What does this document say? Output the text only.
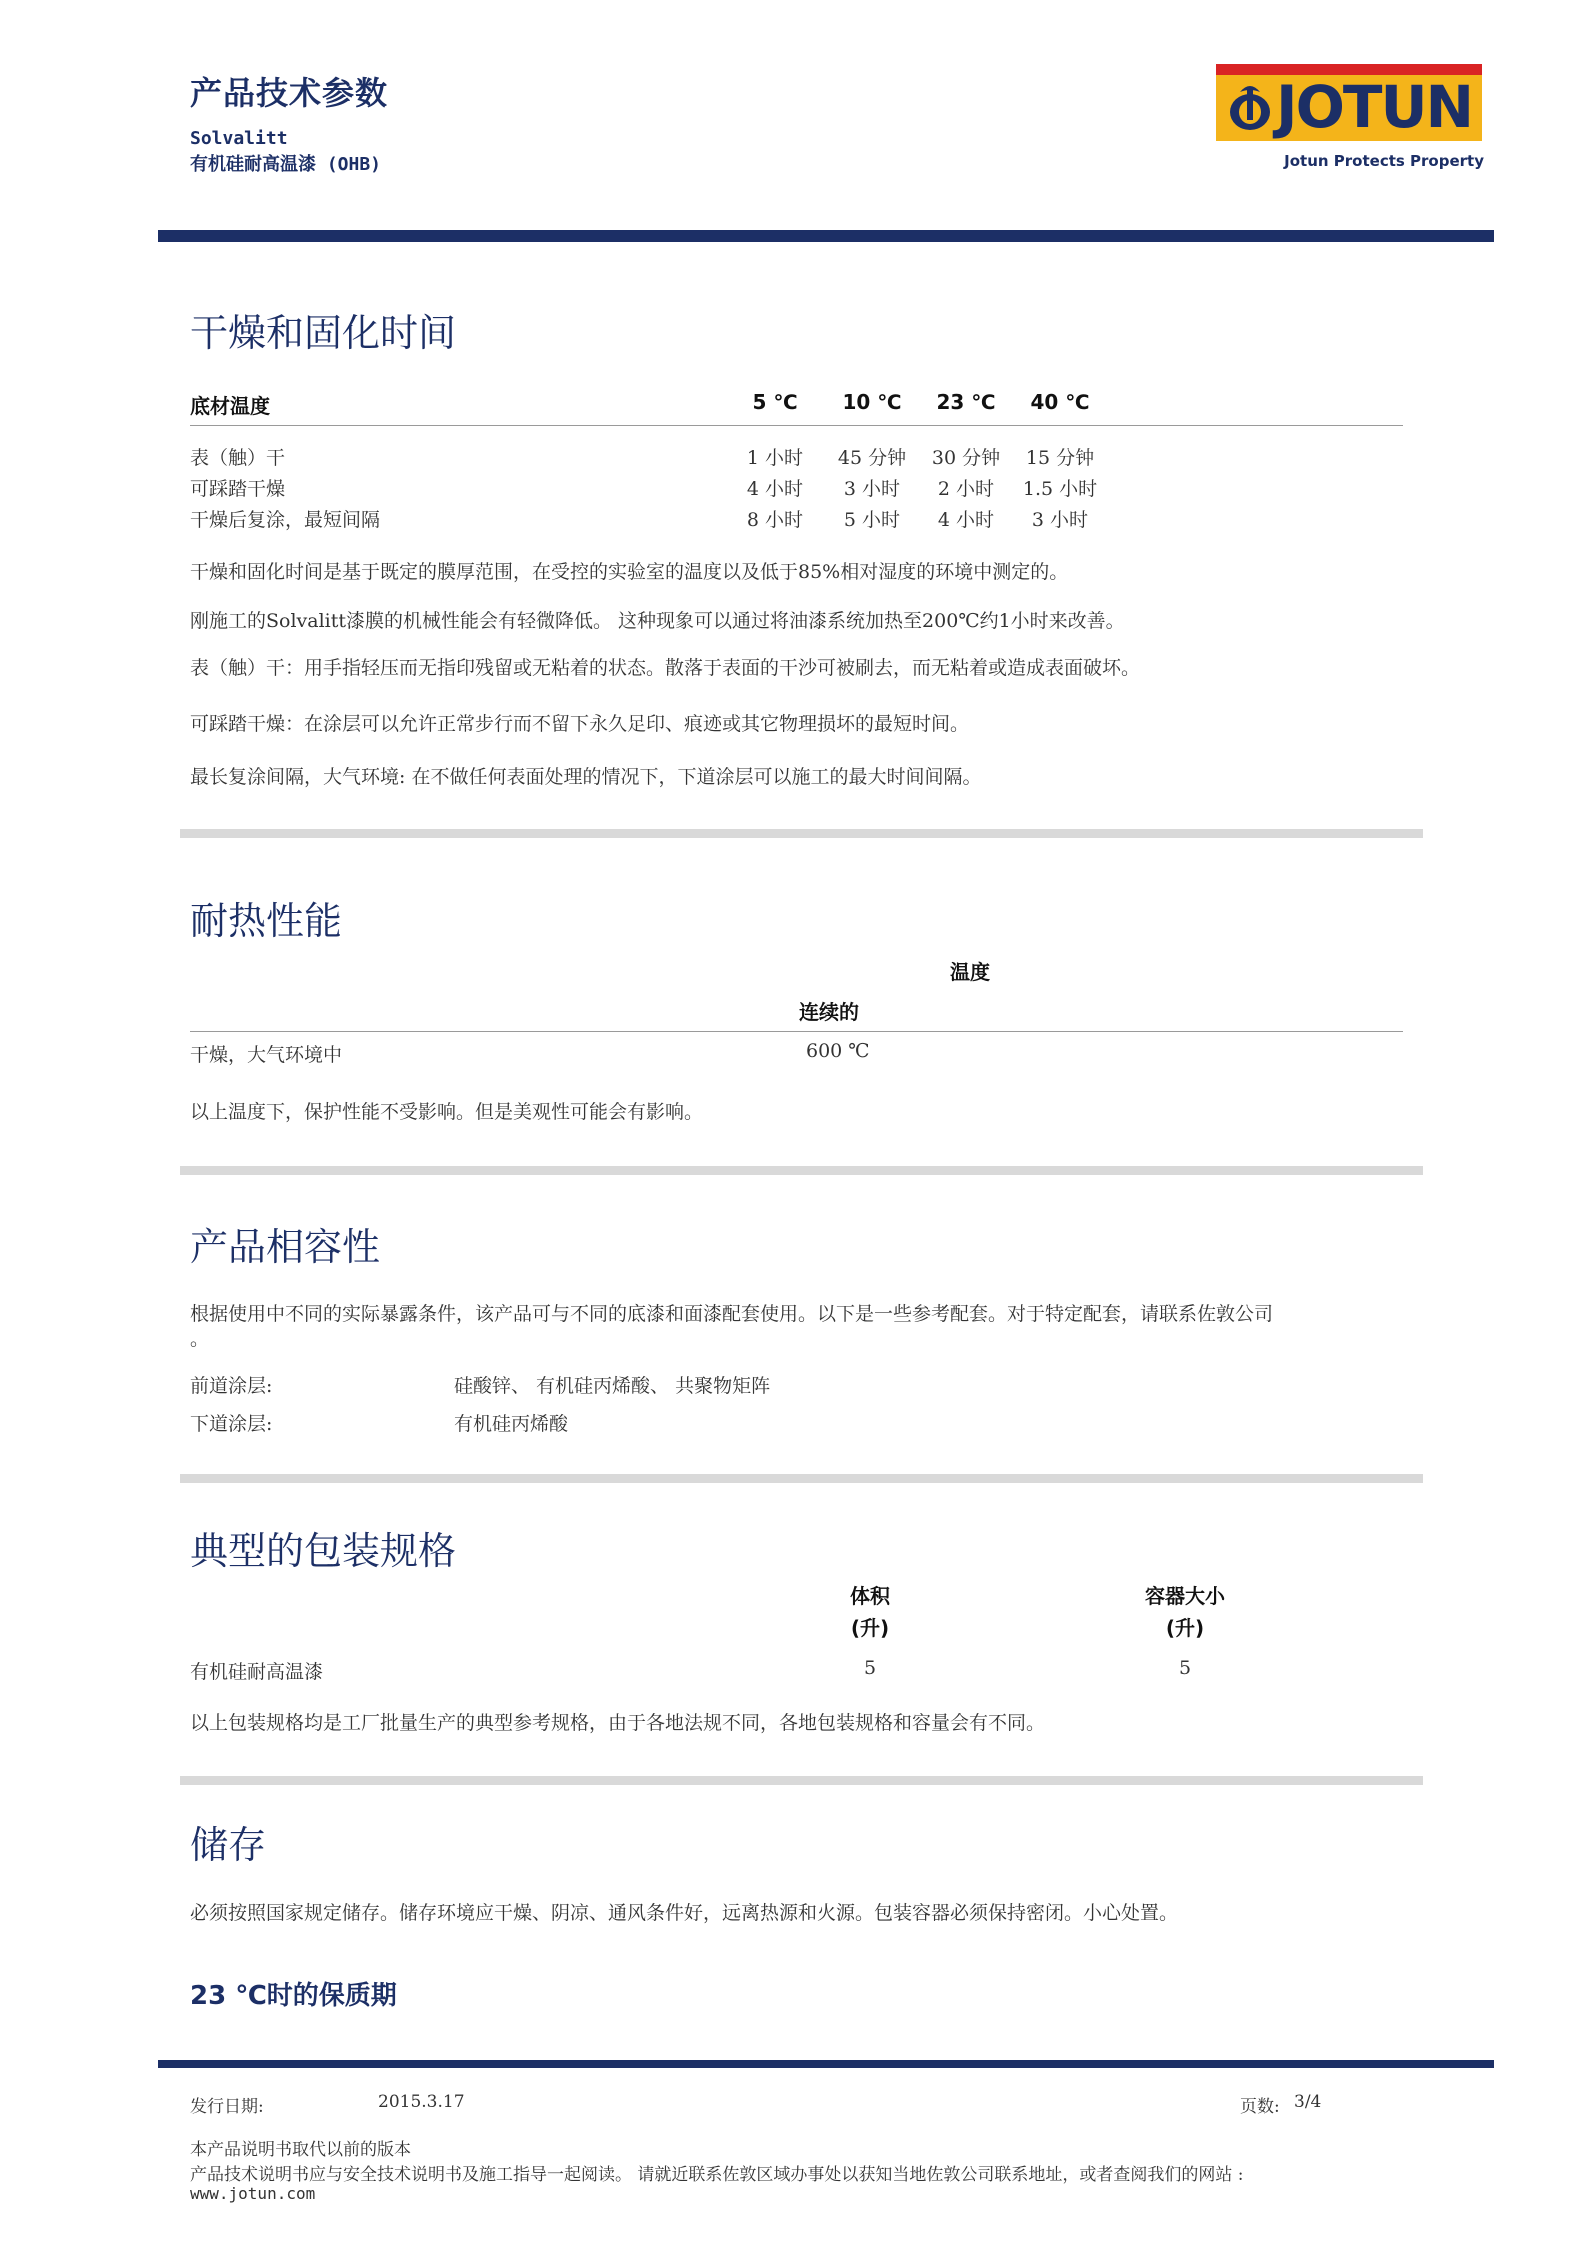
产品技术参数
Solvalitt
有机硅耐高温漆 (OHB)
JOTUN
Jotun Protects Property
干燥和固化时间
底材温度	5 ℃	10 ℃	23 ℃	40 ℃
表（触）干	1 小时	45 分钟	30 分钟	15 分钟
可踩踏干燥	4 小时	3 小时	2 小时	1.5 小时
干燥后复涂，最短间隔	8 小时	5 小时	4 小时	3 小时
干燥和固化时间是基于既定的膜厚范围，在受控的实验室的温度以及低于85%相对湿度的环境中测定的。
刚施工的Solvalitt漆膜的机械性能会有轻微降低。 这种现象可以通过将油漆系统加热至200℃约1小时来改善。
表（触）干：用手指轻压而无指印残留或无粘着的状态。散落于表面的干沙可被刷去，而无粘着或造成表面破坏。
可踩踏干燥：在涂层可以允许正常步行而不留下永久足印、痕迹或其它物理损坏的最短时间。
最长复涂间隔，大气环境: 在不做任何表面处理的情况下，下道涂层可以施工的最大时间间隔。
耐热性能
温度
连续的
干燥，大气环境中	600 ℃
以上温度下，保护性能不受影响。但是美观性可能会有影响。
产品相容性
根据使用中不同的实际暴露条件，该产品可与不同的底漆和面漆配套使用。以下是一些参考配套。对于特定配套，请联系佐敦公司
。
前道涂层:	硅酸锌、 有机硅丙烯酸、 共聚物矩阵
下道涂层:	有机硅丙烯酸
典型的包装规格
体积
(升)
容器大小
(升)
有机硅耐高温漆	5	5
以上包装规格均是工厂批量生产的典型参考规格，由于各地法规不同，各地包装规格和容量会有不同。
储存
必须按照国家规定储存。储存环境应干燥、阴凉、通风条件好，远离热源和火源。包装容器必须保持密闭。小心处置。
23 ℃时的保质期
发行日期:	2015.3.17	页数: 3/4
本产品说明书取代以前的版本
产品技术说明书应与安全技术说明书及施工指导一起阅读。 请就近联系佐敦区域办事处以获知当地佐敦公司联系地址，或者查阅我们的网站 :
www.jotun.com
